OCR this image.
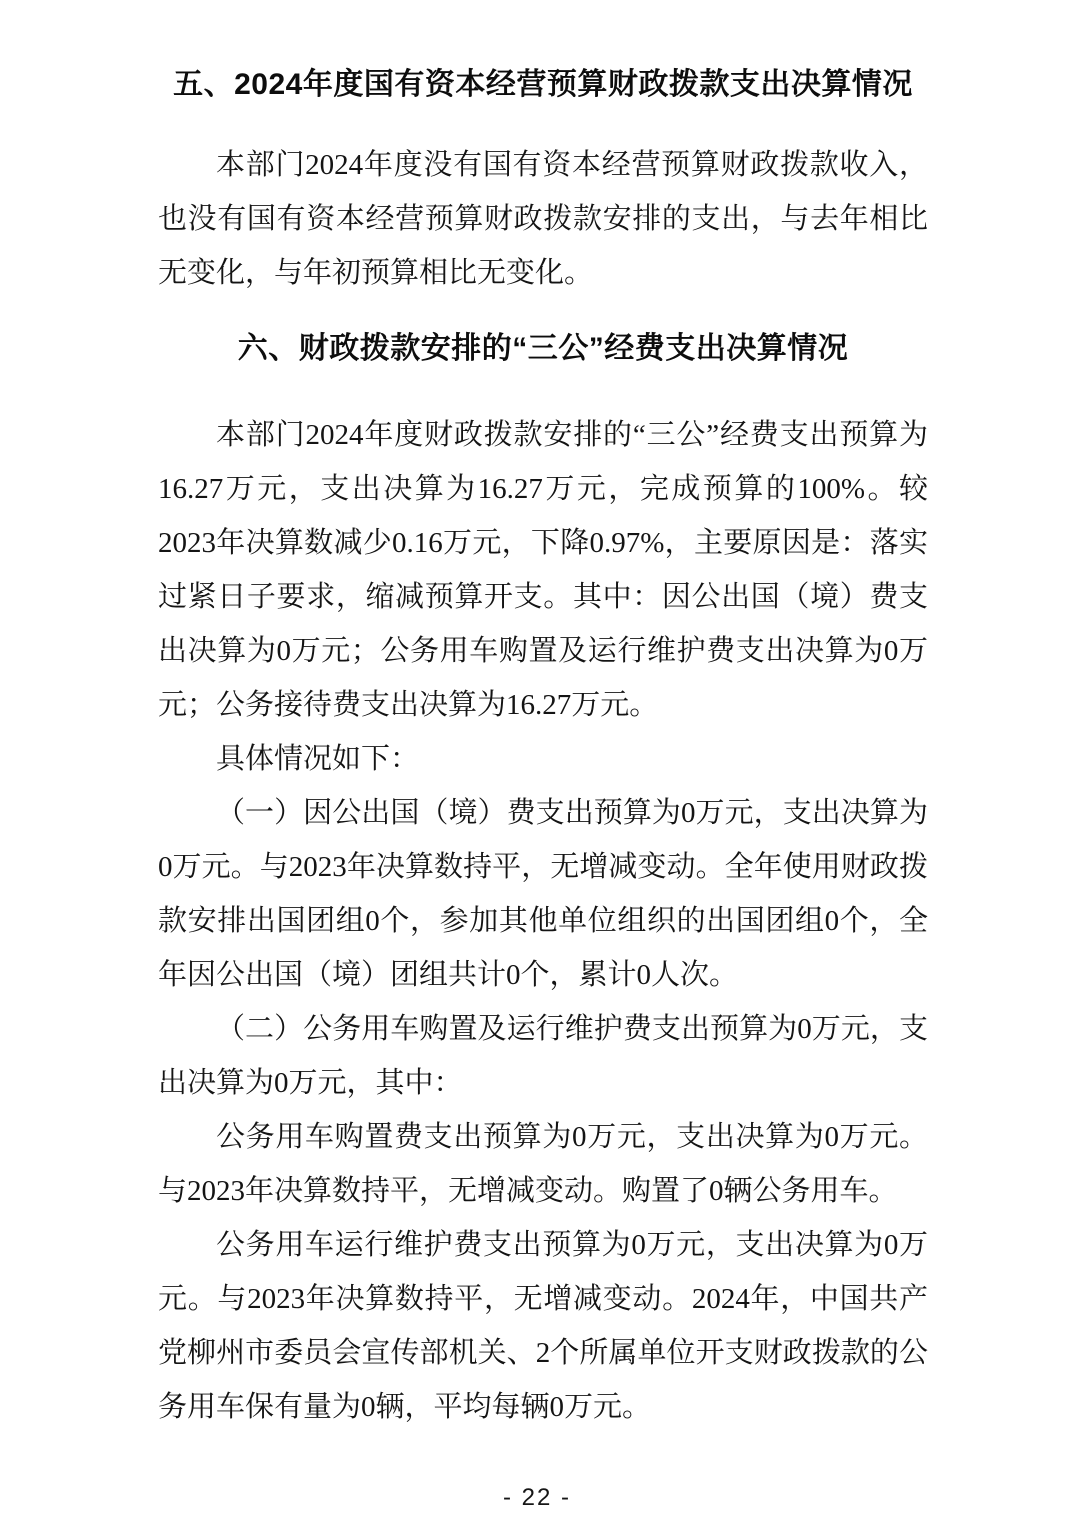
五、2024年度国有资本经营预算财政拨款支出决算情况

本部门2024年度没有国有资本经营预算财政拨款收入，也没有国有资本经营预算财政拨款安排的支出，与去年相比无变化，与年初预算相比无变化。

六、财政拨款安排的“三公”经费支出决算情况

本部门2024年度财政拨款安排的“三公”经费支出预算为16.27万元，支出决算为16.27万元，完成预算的100%。较2023年决算数减少0.16万元，下降0.97%，主要原因是：落实过紧日子要求，缩减预算开支。其中：因公出国（境）费支出决算为0万元；公务用车购置及运行维护费支出决算为0万元；公务接待费支出决算为16.27万元。

具体情况如下：

（一）因公出国（境）费支出预算为0万元，支出决算为0万元。与2023年决算数持平，无增减变动。全年使用财政拨款安排出国团组0个，参加其他单位组织的出国团组0个，全年因公出国（境）团组共计0个，累计0人次。

（二）公务用车购置及运行维护费支出预算为0万元，支出决算为0万元，其中：

公务用车购置费支出预算为0万元，支出决算为0万元。与2023年决算数持平，无增减变动。购置了0辆公务用车。

公务用车运行维护费支出预算为0万元，支出决算为0万元。与2023年决算数持平，无增减变动。2024年，中国共产党柳州市委员会宣传部机关、2个所属单位开支财政拨款的公务用车保有量为0辆，平均每辆0万元。

- 22 -
